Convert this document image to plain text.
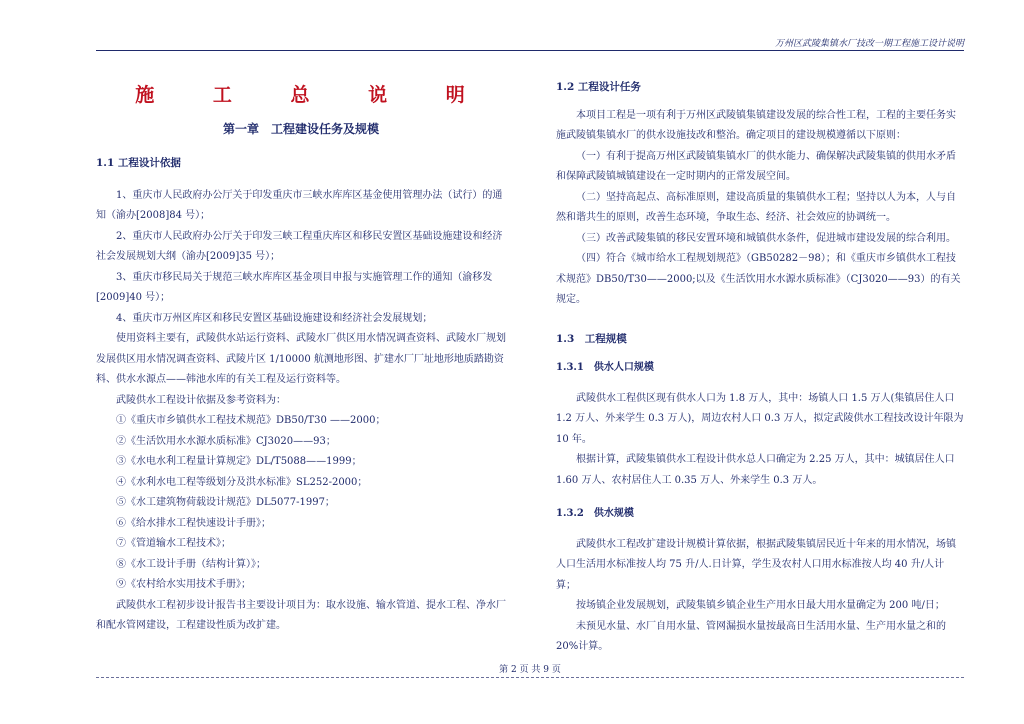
万州区武陵集镇水厂技改一期工程施工设计说明
施 工 总 说 明
第一章　工程建设任务及规模
1.1 工程设计依据

1、重庆市人民政府办公厅关于印发重庆市三峡水库库区基金使用管理办法（试行）的通知（渝办[2008]84 号）；

2、重庆市人民政府办公厅关于印发三峡工程重庆库区和移民安置区基础设施建设和经济社会发展规划大纲（渝办[2009]35 号）；

3、重庆市移民局关于规范三峡水库库区基金项目申报与实施管理工作的通知（渝移发[2009]40 号）；

4、重庆市万州区库区和移民安置区基础设施建设和经济社会发展规划；

使用资料主要有，武陵供水站运行资料、武陵水厂供区用水情况调查资料、武陵水厂规划发展供区用水情况调查资料、武陵片区 1/10000 航测地形图、扩建水厂厂址地形地质踏勘资料、供水水源点——韩池水库的有关工程及运行资料等。

武陵供水工程设计依据及参考资料为：

①《重庆市乡镇供水工程技术规范》DB50/T30 ——2000；

②《生活饮用水水源水质标准》CJ3020——93；

③《水电水利工程量计算规定》DL/T5088——1999；

④《水利水电工程等级划分及洪水标准》SL252-2000；

⑤《水工建筑物荷载设计规范》DL5077-1997；

⑥《给水排水工程快速设计手册》；

⑦《管道输水工程技术》；

⑧《水工设计手册（结构计算）》；

⑨《农村给水实用技术手册》；

武陵供水工程初步设计报告书主要设计项目为：取水设施、输水管道、提水工程、净水厂和配水管网建设，工程建设性质为改扩建。

1.2 工程设计任务

本项目工程是一项有利于万州区武陵镇集镇建设发展的综合性工程，工程的主要任务实施武陵镇集镇水厂的供水设施技改和整治。确定项目的建设规模遵循以下原则：

（一）有利于提高万州区武陵镇集镇水厂的供水能力、确保解决武陵集镇的供用水矛盾和保障武陵镇城镇建设在一定时期内的正常发展空间。

（二）坚持高起点、高标准原则，建设高质量的集镇供水工程；坚持以人为本，人与自然和谐共生的原则，改善生态环境，争取生态、经济、社会效应的协调统一。

（三）改善武陵集镇的移民安置环境和城镇供水条件，促进城市建设发展的综合利用。

（四）符合《城市给水工程规划规范》（GB50282－98）；和《重庆市乡镇供水工程技术规范》DB50/T30——2000;以及《生活饮用水水源水质标准》（CJ3020——93）的有关规定。

1.3　工程规模
1.3.1　供水人口规模

武陵供水工程供区现有供水人口为 1.8 万人，其中：场镇人口 1.5 万人(集镇居住人口 1.2 万人、外来学生 0.3 万人)，周边农村人口 0.3 万人，拟定武陵供水工程技改设计年限为 10 年。

根据计算，武陵集镇供水工程设计供水总人口确定为 2.25 万人，其中：城镇居住人口 1.60 万人、农村居住人工 0.35 万人、外来学生 0.3 万人。

1.3.2　供水规模

武陵供水工程改扩建设计规模计算依据，根据武陵集镇居民近十年来的用水情况，场镇人口生活用水标准按人均 75 升/人.日计算，学生及农村人口用水标准按人均 40 升/人计算；

按场镇企业发展规划，武陵集镇乡镇企业生产用水日最大用水量确定为 200 吨/日；

未预见水量、水厂自用水量、管网漏损水量按最高日生活用水量、生产用水量之和的 20%计算。

第 2 页 共 9 页
